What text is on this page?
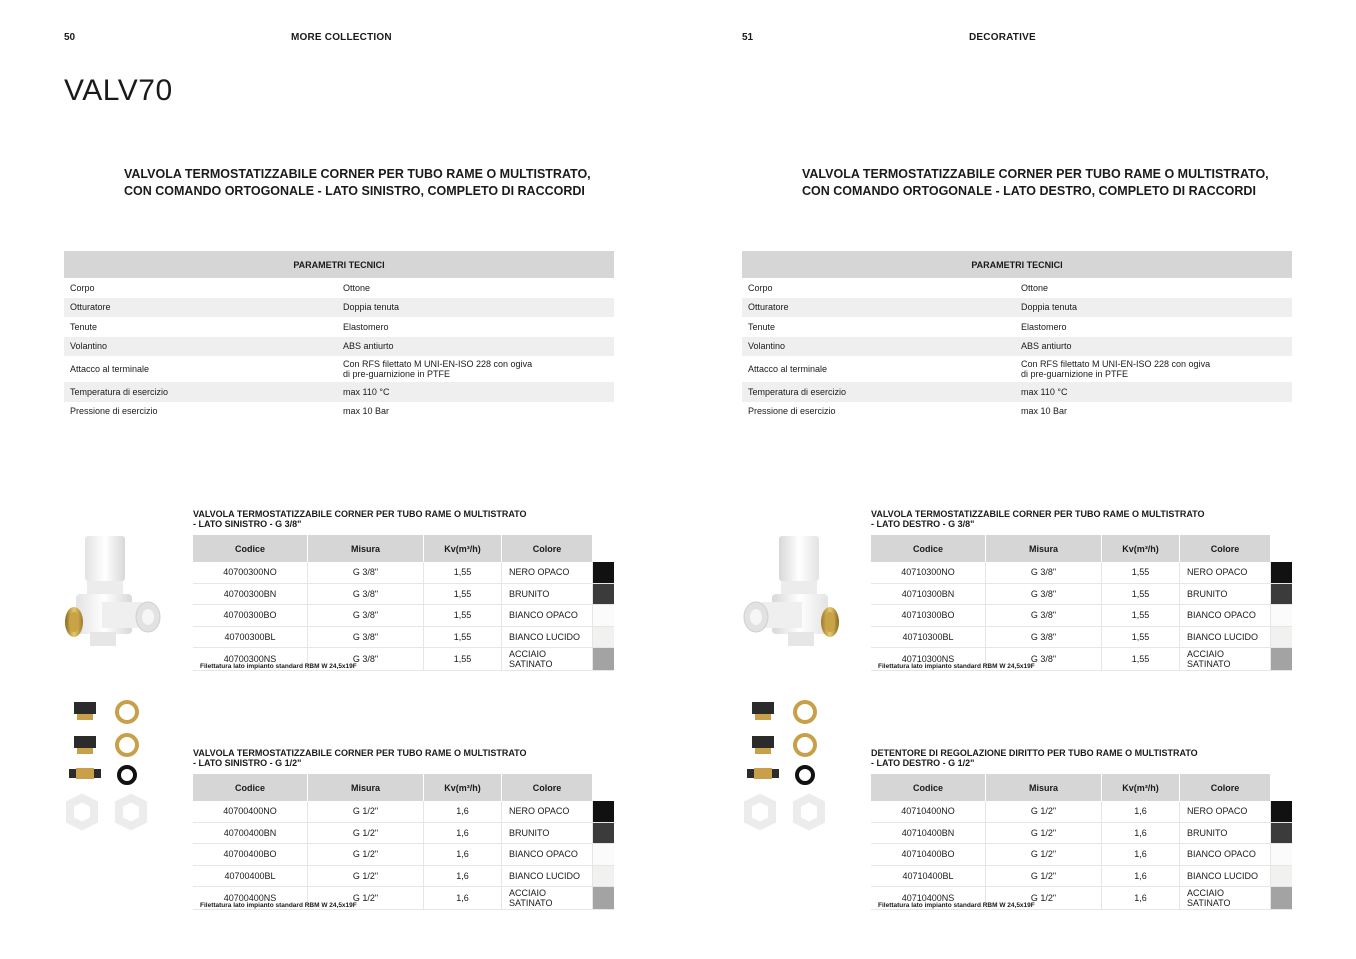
50	MORE COLLECTION
VALV70
VALVOLA TERMOSTATIZZABILE CORNER PER TUBO RAME O MULTISTRATO,
CON COMANDO ORTOGONALE - LATO SINISTRO, COMPLETO DI RACCORDI
PARAMETRI TECNICI	
Corpo	Ottone
Otturatore	Doppia tenuta
Tenute	Elastomero
Volantino	ABS antiurto
Attacco al terminale	Con RFS filettato M UNI-EN-ISO 228 con ogiva
di pre-guarnizione in PTFE

Temperatura di esercizio	max 110 °C
Pressione di esercizio	max 10 Bar
VALVOLA TERMOSTATIZZABILE CORNER PER TUBO RAME O MULTISTRATO
- LATO SINISTRO - G 3/8"
Codice	Misura	Kv(m³/h)	Colore	
40700300NO	G 3/8"	1,55	NERO OPACO	
40700300BN	G 3/8"	1,55	BRUNITO	
40700300BO	G 3/8"	1,55	BIANCO OPACO	
40700300BL	G 3/8"	1,55	BIANCO LUCIDO	
40700300NS	G 3/8"	1,55	ACCIAIO SATINATO	
Filettatura lato impianto standard RBM W 24,5x19F
VALVOLA TERMOSTATIZZABILE CORNER PER TUBO RAME O MULTISTRATO
- LATO SINISTRO - G 1/2"
Codice	Misura	Kv(m³/h)	Colore	
40700400NO	G 1/2"	1,6	NERO OPACO	
40700400BN	G 1/2"	1,6	BRUNITO	
40700400BO	G 1/2"	1,6	BIANCO OPACO	
40700400BL	G 1/2"	1,6	BIANCO LUCIDO	
40700400NS	G 1/2"	1,6	ACCIAIO SATINATO	
Filettatura lato impianto standard RBM W 24,5x19F
51	DECORATIVE
VALVOLA TERMOSTATIZZABILE CORNER PER TUBO RAME O MULTISTRATO,
CON COMANDO ORTOGONALE - LATO DESTRO, COMPLETO DI RACCORDI
PARAMETRI TECNICI	
Corpo	Ottone
Otturatore	Doppia tenuta
Tenute	Elastomero
Volantino	ABS antiurto
Attacco al terminale	Con RFS filettato M UNI-EN-ISO 228 con ogiva
di pre-guarnizione in PTFE

Temperatura di esercizio	max 110 °C
Pressione di esercizio	max 10 Bar
VALVOLA TERMOSTATIZZABILE CORNER PER TUBO RAME O MULTISTRATO
- LATO DESTRO - G 3/8"
Codice	Misura	Kv(m³/h)	Colore	
40710300NO	G 3/8"	1,55	NERO OPACO	
40710300BN	G 3/8"	1,55	BRUNITO	
40710300BO	G 3/8"	1,55	BIANCO OPACO	
40710300BL	G 3/8"	1,55	BIANCO LUCIDO	
40710300NS	G 3/8"	1,55	ACCIAIO SATINATO	
Filettatura lato impianto standard RBM W 24,5x19F
DETENTORE DI REGOLAZIONE DIRITTO PER TUBO RAME O MULTISTRATO
- LATO DESTRO - G 1/2"
Codice	Misura	Kv(m³/h)	Colore	
40710400NO	G 1/2"	1,6	NERO OPACO	
40710400BN	G 1/2"	1,6	BRUNITO	
40710400BO	G 1/2"	1,6	BIANCO OPACO	
40710400BL	G 1/2"	1,6	BIANCO LUCIDO	
40710400NS	G 1/2"	1,6	ACCIAIO SATINATO	
Filettatura lato impianto standard RBM W 24,5x19F
